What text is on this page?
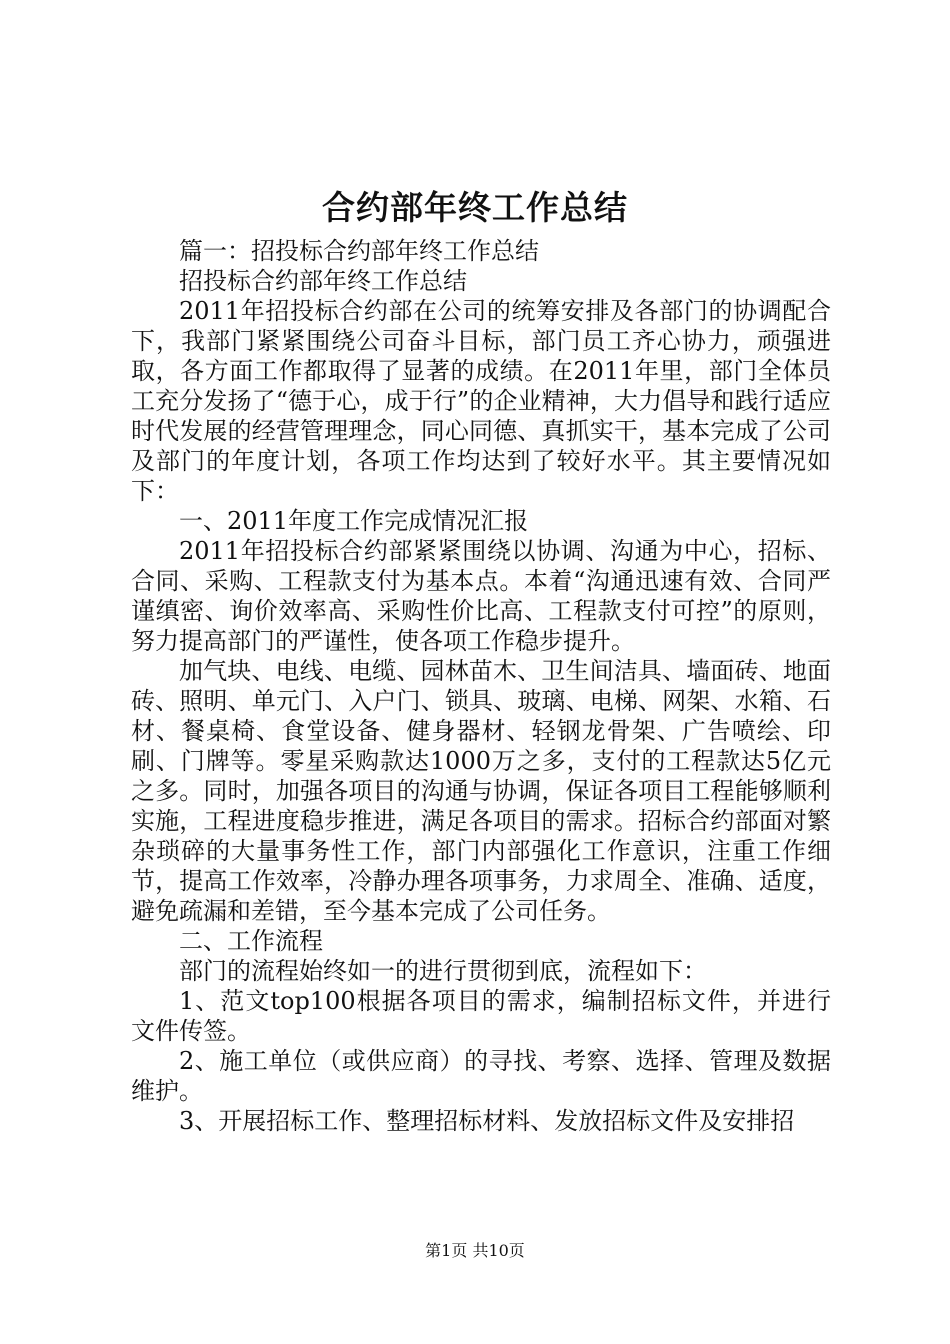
合约部年终工作总结

篇一：招投标合约部年终工作总结

招投标合约部年终工作总结

2011年招投标合约部在公司的统筹安排及各部门的协调配合下，我部门紧紧围绕公司奋斗目标，部门员工齐心协力，顽强进取，各方面工作都取得了显著的成绩。在2011年里，部门全体员工充分发扬了“德于心，成于行”的企业精神，大力倡导和践行适应时代发展的经营管理理念，同心同德、真抓实干，基本完成了公司及部门的年度计划，各项工作均达到了较好水平。其主要情况如下：

一、2011年度工作完成情况汇报

2011年招投标合约部紧紧围绕以协调、沟通为中心，招标、合同、采购、工程款支付为基本点。本着“沟通迅速有效、合同严谨缜密、询价效率高、采购性价比高、工程款支付可控”的原则，努力提高部门的严谨性，使各项工作稳步提升。

加气块、电线、电缆、园林苗木、卫生间洁具、墙面砖、地面砖、照明、单元门、入户门、锁具、玻璃、电梯、网架、水箱、石材、餐桌椅、食堂设备、健身器材、轻钢龙骨架、广告喷绘、印刷、门牌等。零星采购款达1000万之多，支付的工程款达5亿元之多。同时，加强各项目的沟通与协调，保证各项目工程能够顺利实施，工程进度稳步推进，满足各项目的需求。招标合约部面对繁杂琐碎的大量事务性工作，部门内部强化工作意识，注重工作细节，提高工作效率，冷静办理各项事务，力求周全、准确、适度，避免疏漏和差错，至今基本完成了公司任务。

二、工作流程

部门的流程始终如一的进行贯彻到底，流程如下：

1、范文top100根据各项目的需求，编制招标文件，并进行文件传签。

2、施工单位（或供应商）的寻找、考察、选择、管理及数据维护。

3、开展招标工作、整理招标材料、发放招标文件及安排招

第1页 共10页
